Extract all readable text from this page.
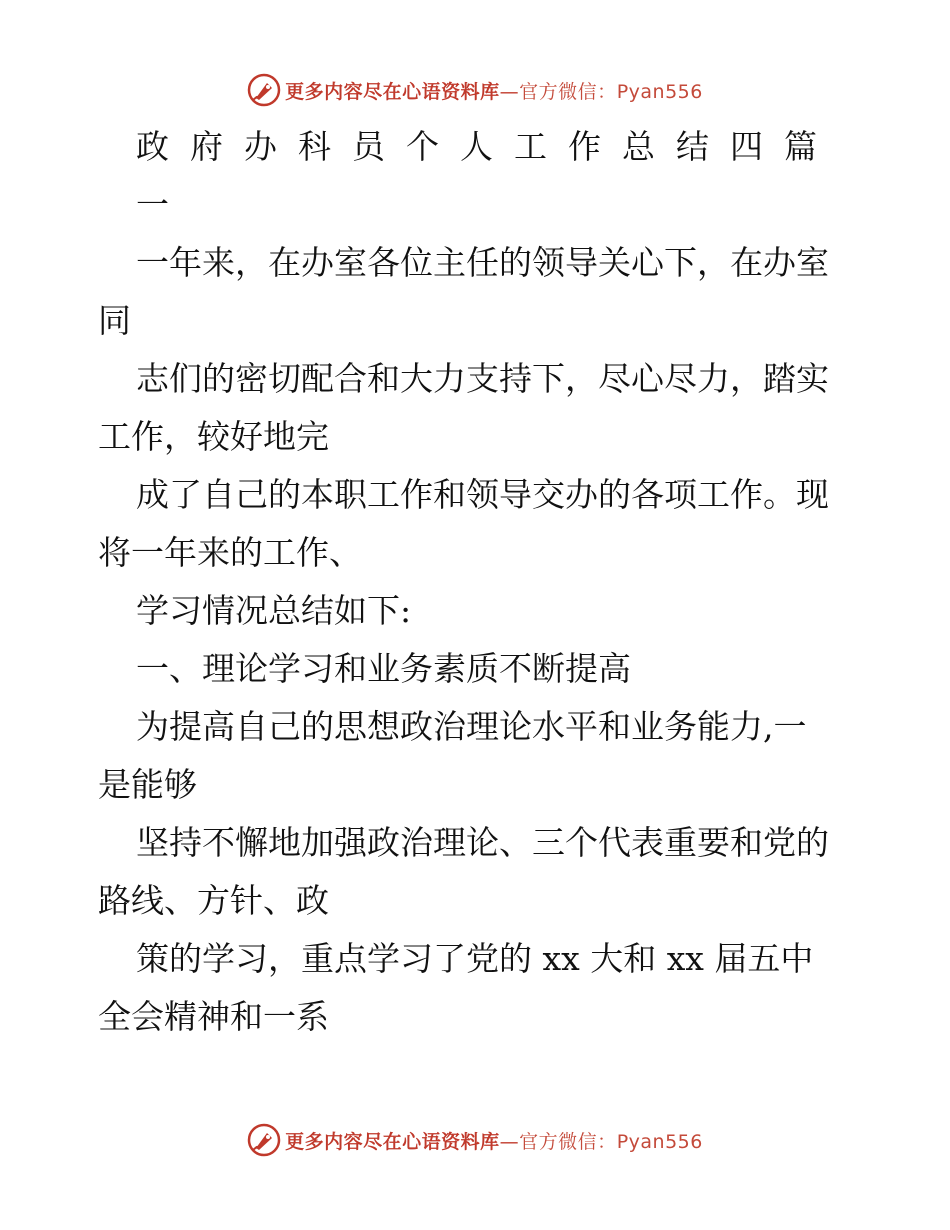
更多内容尽在心语资料库—官方微信：Pyan556
政府办科员个人工作总结四篇
一
一年来，在办室各位主任的领导关心下，在办室
同
志们的密切配合和大力支持下，尽心尽力，踏实
工作，较好地完
成了自己的本职工作和领导交办的各项工作。现
将一年来的工作、
学习情况总结如下:
一、理论学习和业务素质不断提高
为提高自己的思想政治理论水平和业务能力,一
是能够
坚持不懈地加强政治理论、三个代表重要和党的
路线、方针、政
策的学习，重点学习了党的 xx 大和 xx 届五中
全会精神和一系
更多内容尽在心语资料库—官方微信：Pyan556
